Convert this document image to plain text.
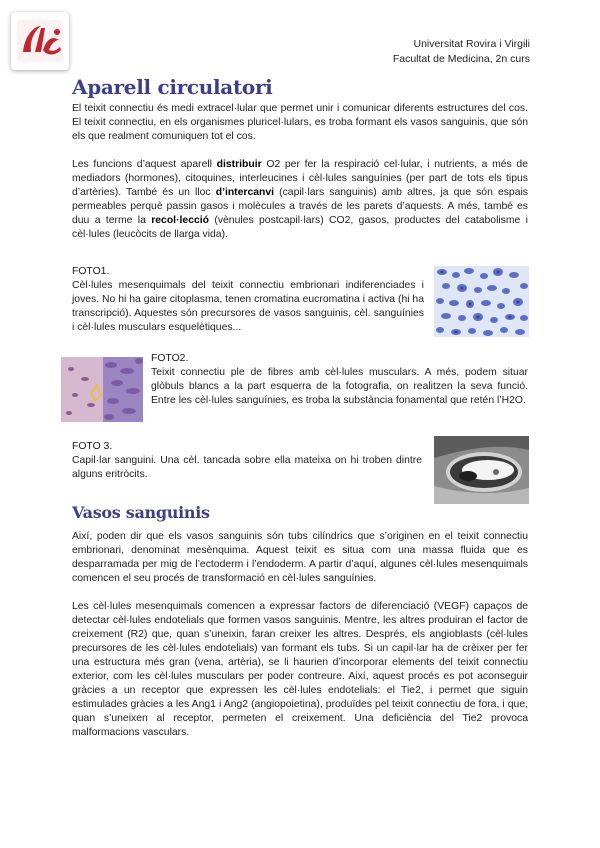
Universitat Rovira i Virgili
Facultat de Medicina, 2n curs
Aparell circulatori

El teixit connectiu és medi extracel·lular que permet unir i comunicar diferents estructures del cos. El teixit connectiu, en els organismes pluricel·lulars, es troba formant els vasos sanguinis, que són els que realment comuniquen tot el cos.

Les funcions d’aquest aparell distribuir O2 per fer la respiració cel·lular, i nutrients, a més de mediadors (hormones), citoquines, interleucines i cèl·lules sanguínies (per part de tots els tipus d’artèries). També és un lloc d’intercanvi (capil·lars sanguinis) amb altres, ja que són espais permeables perquè passin gasos i molècules a través de les parets d’aquests. A més, també es duu a terme la recol·lecció (vènules postcapil·lars) CO2, gasos, productes del catabolisme i cèl·lules (leucòcits de llarga vida).

FOTO1.

Cèl·lules mesenquimals del teixit connectiu embrionari indiferenciades i joves. No hi ha gaire citoplasma, tenen cromatina eucromatina i activa (hi ha transcripció). Aquestes són precursores de vasos sanguinis, cèl. sanguínies i cèl·lules musculars esquelètiques...

FOTO2.

Teixit connectiu ple de fibres amb cèl·lules musculars. A més, podem situar glòbuls blancs a la part esquerra de la fotografia, on realitzen la seva funció. Entre les cèl·lules sanguínies, es troba la substància fonamental que retén l’H2O.

FOTO 3.

Capil·lar sanguini. Una cèl. tancada sobre ella mateixa on hi troben dintre alguns eritròcits.

Vasos sanguinis

Així, poden dir que els vasos sanguinis són tubs cilíndrics que s’originen en el teixit connectiu embrionari, denominat mesènquima. Aquest teixit es situa com una massa fluida que es desparramada per mig de l’ectoderm i l’endoderm. A partir d’aquí, algunes cèl·lules mesenquimals comencen el seu procés de transformació en cèl·lules sanguínies.

Les cèl·lules mesenquimals comencen a expressar factors de diferenciació (VEGF) capaços de detectar cèl·lules endotelials que formen vasos sanguinis. Mentre, les altres produiran el factor de creixement (R2) que, quan s’uneixin, faran creixer les altres. Després, els angioblasts (cèl·lules precursores de les cèl·lules endotelials) van formant els tubs. Si un capil·lar ha de crèixer per fer una estructura més gran (vena, artèria), se li haurien d’incorporar elements del teixit connectiu exterior, com les cèl·lules musculars per poder contreure. Així, aquest procés es pot aconseguir gràcies a un receptor que expressen les cèl·lules endotelials: el Tie2, i permet que siguin estimulades gràcies a les Ang1 i Ang2 (angiopoietina), produïdes pel teixit connectiu de fora, i que, quan s’uneixen al receptor, permeten el creixement. Una deficiència del Tie2 provoca malformacions vasculars.
